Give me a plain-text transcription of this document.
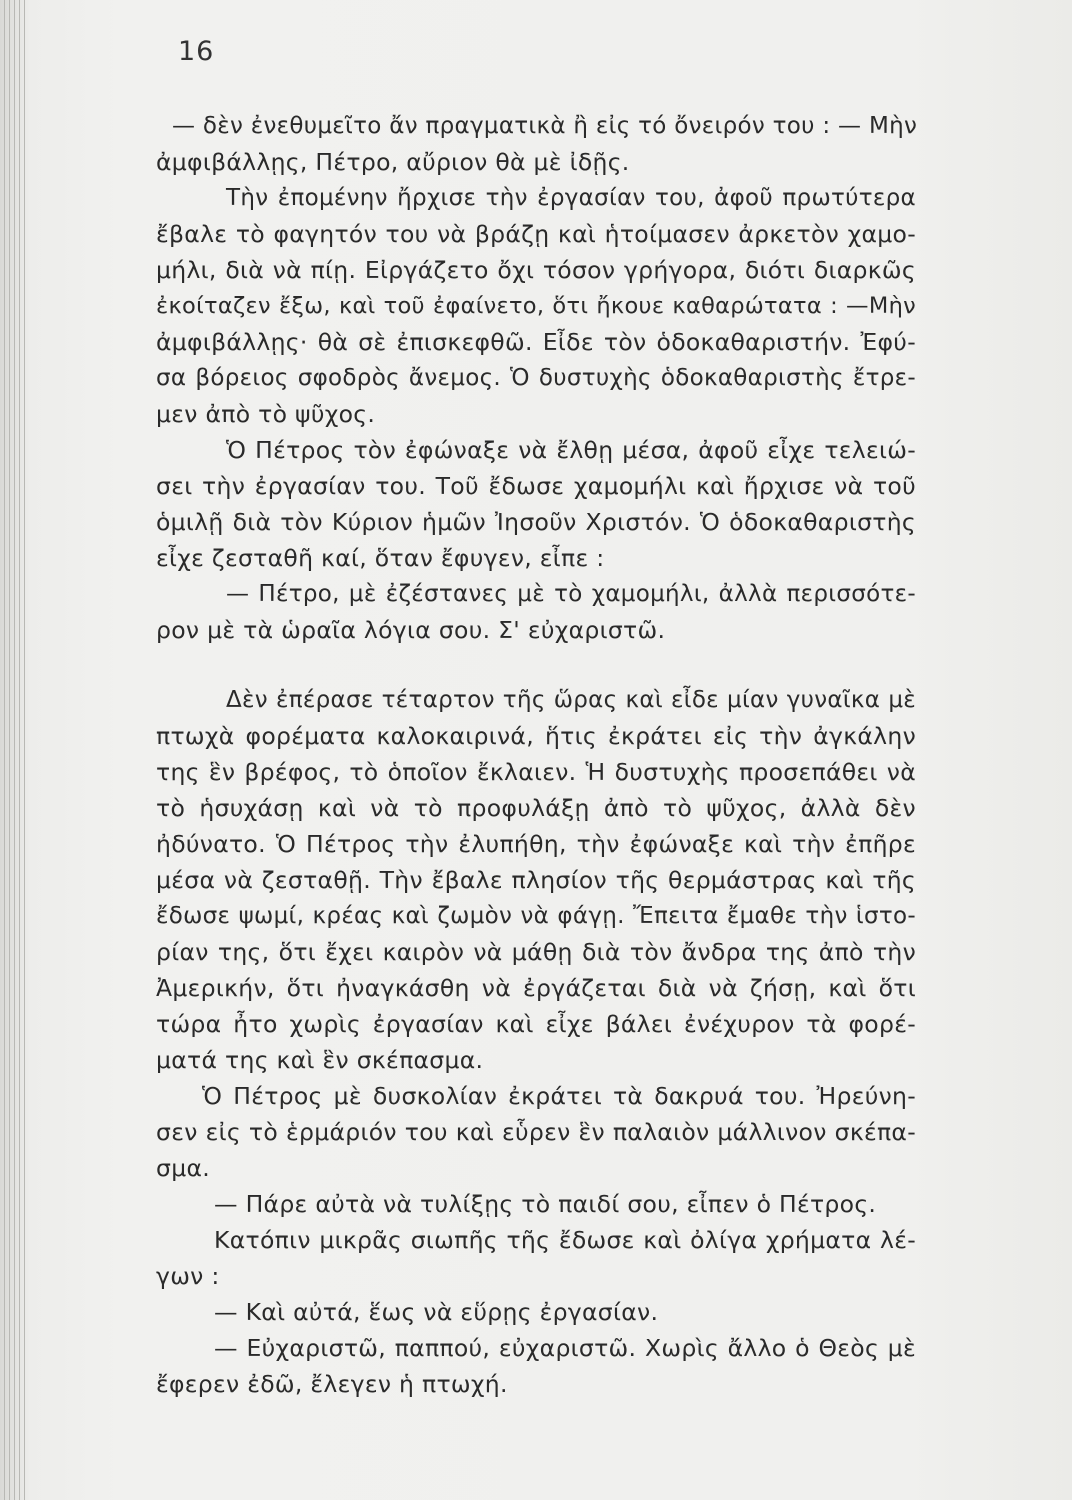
16
— δὲν ἐνεθυμεῖτο ἄν πραγματικὰ ἢ εἰς τό ὄνειρόν του : — Μὴν
ἀμφιβάλλῃς, Πέτρο, αὔριον θὰ μὲ ἰδῇς.
Τὴν ἐπομένην ἤρχισε τὴν ἐργασίαν του, ἀφοῦ πρωτύτερα
ἔβαλε τὸ φαγητόν του νὰ βράζῃ καὶ ἡτοίμασεν ἀρκετὸν χαμο-
μήλι, διὰ νὰ πίῃ. Εἰργάζετο ὄχι τόσον γρήγορα, διότι διαρκῶς
ἐκοίταζεν ἔξω, καὶ τοῦ ἐφαίνετο, ὅτι ἤκουε καθαρώτατα : —Μὴν
ἀμφιβάλλῃς· θὰ σὲ ἐπισκεφθῶ. Εἶδε τὸν ὁδοκαθαριστήν. Ἐφύ-
σα βόρειος σφοδρὸς ἄνεμος. Ὁ δυστυχὴς ὁδοκαθαριστὴς ἔτρε-
μεν ἀπὸ τὸ ψῦχος.
Ὁ Πέτρος τὸν ἐφώναξε νὰ ἔλθῃ μέσα, ἀφοῦ εἶχε τελειώ-
σει τὴν ἐργασίαν του. Τοῦ ἔδωσε χαμομήλι καὶ ἤρχισε νὰ τοῦ
ὁμιλῇ διὰ τὸν Κύριον ἡμῶν Ἰησοῦν Χριστόν. Ὁ ὁδοκαθαριστὴς
εἶχε ζεσταθῆ καί, ὅταν ἔφυγεν, εἶπε :
— Πέτρο, μὲ ἐζέστανες μὲ τὸ χαμομήλι, ἀλλὰ περισσότε-
ρον μὲ τὰ ὡραῖα λόγια σου. Σ' εὐχαριστῶ.
Δὲν ἐπέρασε τέταρτον τῆς ὥρας καὶ εἶδε μίαν γυναῖκα μὲ
πτωχὰ φορέματα καλοκαιρινά, ἥτις ἐκράτει εἰς τὴν ἀγκάλην
της ἓν βρέφος, τὸ ὁποῖον ἔκλαιεν. Ἡ δυστυχὴς προσεπάθει νὰ
τὸ ἡσυχάσῃ καὶ νὰ τὸ προφυλάξῃ ἀπὸ τὸ ψῦχος, ἀλλὰ δὲν
ἠδύνατο. Ὁ Πέτρος τὴν ἐλυπήθη, τὴν ἐφώναξε καὶ τὴν ἐπῆρε
μέσα νὰ ζεσταθῇ. Τὴν ἔβαλε πλησίον τῆς θερμάστρας καὶ τῆς
ἔδωσε ψωμί, κρέας καὶ ζωμὸν νὰ φάγῃ. Ἔπειτα ἔμαθε τὴν ἱστο-
ρίαν της, ὅτι ἔχει καιρὸν νὰ μάθῃ διὰ τὸν ἄνδρα της ἀπὸ τὴν
Ἀμερικήν, ὅτι ἠναγκάσθη νὰ ἐργάζεται διὰ νὰ ζήσῃ, καὶ ὅτι
τώρα ἦτο χωρὶς ἐργασίαν καὶ εἶχε βάλει ἐνέχυρον τὰ φορέ-
ματά της καὶ ἓν σκέπασμα.
Ὁ Πέτρος μὲ δυσκολίαν ἐκράτει τὰ δακρυά του. Ἠρεύνη-
σεν εἰς τὸ ἑρμάριόν του καὶ εὗρεν ἓν παλαιὸν μάλλινον σκέπα-
σμα.
— Πάρε αὐτὰ νὰ τυλίξῃς τὸ παιδί σου, εἶπεν ὁ Πέτρος.
Κατόπιν μικρᾶς σιωπῆς τῆς ἔδωσε καὶ ὀλίγα χρήματα λέ-
γων :
— Καὶ αὐτά, ἕως νὰ εὕρῃς ἐργασίαν.
— Εὐχαριστῶ, παππού, εὐχαριστῶ. Χωρὶς ἄλλο ὁ Θεὸς μὲ
ἔφερεν ἐδῶ, ἔλεγεν ἡ πτωχή.
